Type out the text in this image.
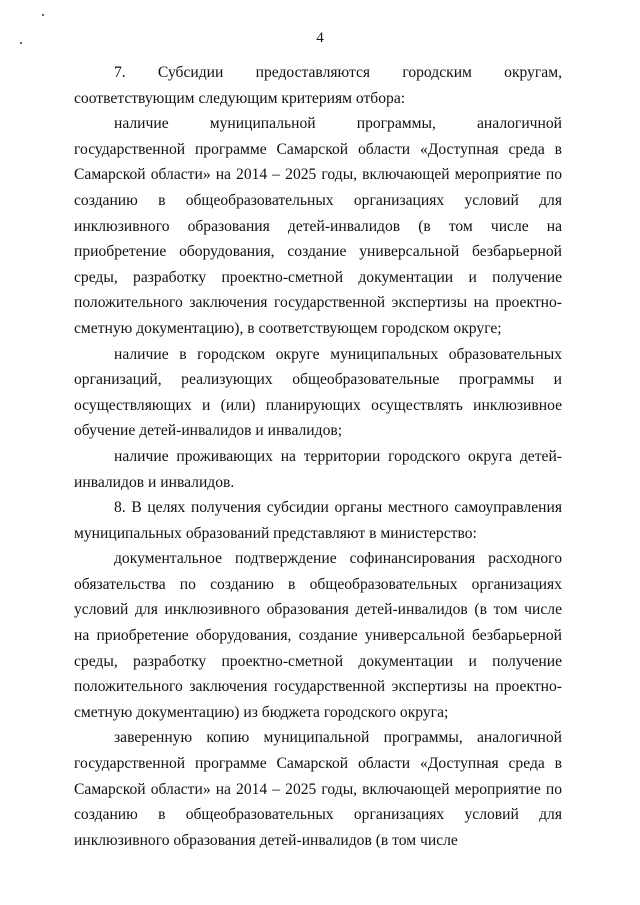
4

7. Субсидии предоставляются городским округам, соответствующим следующим критериям отбора:

наличие муниципальной программы, аналогичной государственной программе Самарской области «Доступная среда в Самарской области» на 2014 – 2025 годы, включающей мероприятие по созданию в общеобразовательных организациях условий для инклюзивного образования детей-инвалидов (в том числе на приобретение оборудования, создание универсальной безбарьерной среды, разработку проектно-сметной документации и получение положительного заключения государственной экспертизы на проектно-сметную документацию), в соответствующем городском округе;

наличие в городском округе муниципальных образовательных организаций, реализующих общеобразовательные программы и осуществляющих и (или) планирующих осуществлять инклюзивное обучение детей-инвалидов и инвалидов;

наличие проживающих на территории городского округа детей-инвалидов и инвалидов.

8. В целях получения субсидии органы местного самоуправления муниципальных образований представляют в министерство:

документальное подтверждение софинансирования расходного обязательства по созданию в общеобразовательных организациях условий для инклюзивного образования детей-инвалидов (в том числе на приобретение оборудования, создание универсальной безбарьерной среды, разработку проектно-сметной документации и получение положительного заключения государственной экспертизы на проектно-сметную документацию) из бюджета городского округа;

заверенную копию муниципальной программы, аналогичной государственной программе Самарской области «Доступная среда в Самарской области» на 2014 – 2025 годы, включающей мероприятие по созданию в общеобразовательных организациях условий для инклюзивного образования детей-инвалидов (в том числе
